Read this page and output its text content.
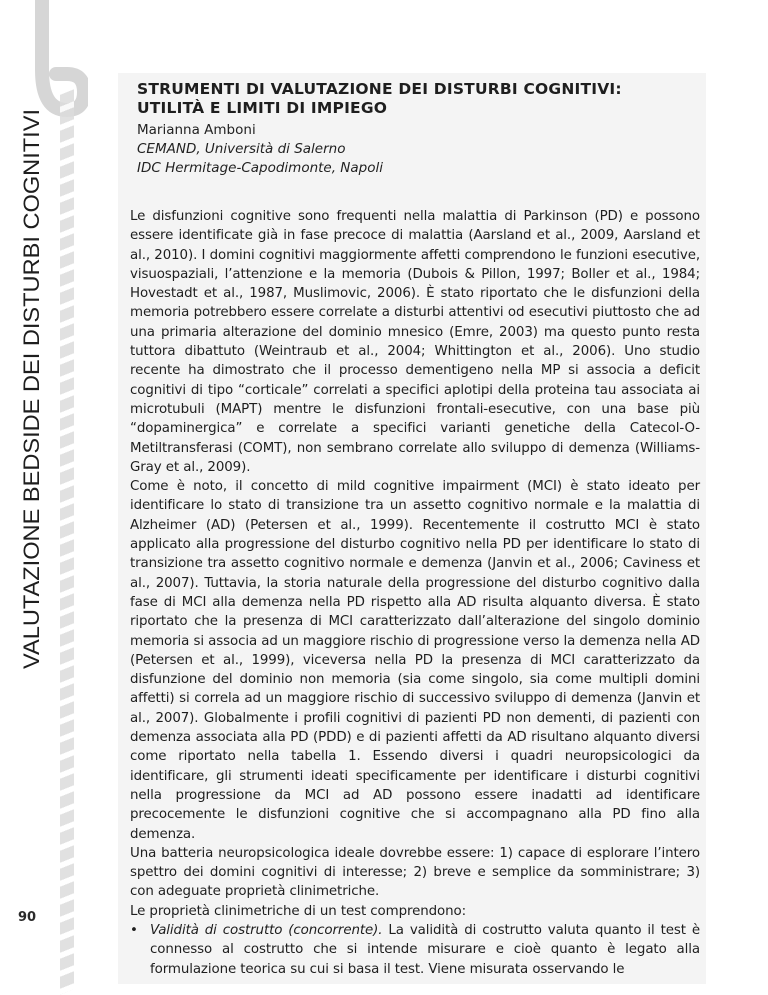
VALUTAZIONE BEDSIDE DEI DISTURBI COGNITIVI
90
STRUMENTI DI VALUTAZIONE DEI DISTURBI COGNITIVI:
UTILITÀ E LIMITI DI IMPIEGO
Marianna Amboni
CEMAND, Università di Salerno
IDC Hermitage-Capodimonte, Napoli

Le disfunzioni cognitive sono frequenti nella malattia di Parkinson (PD) e possono essere identificate già in fase precoce di malattia (Aarsland et al., 2009, Aarsland et al., 2010). I domini cognitivi maggiormente affetti comprendono le funzioni esecutive, visuospaziali, l’attenzione e la memoria (Dubois & Pillon, 1997; Boller et al., 1984; Hovestadt et al., 1987, Muslimovic, 2006). È stato riportato che le disfunzioni della memoria potrebbero essere correlate a disturbi attentivi od esecutivi piuttosto che ad una primaria alterazione del dominio mnesico (Emre, 2003) ma questo punto resta tuttora dibattuto (Weintraub et al., 2004; Whittington et al., 2006). Uno studio recente ha dimostrato che il processo dementigeno nella MP si associa a deficit cognitivi di tipo “corticale” correlati a specifici aplotipi della proteina tau associata ai microtubuli (MAPT) mentre le disfunzioni frontali-esecutive, con una base più “dopaminergica” e correlate a specifici varianti genetiche della Catecol-O-Metiltransferasi (COMT), non sembrano correlate allo sviluppo di demenza (Williams-Gray et al., 2009).

Come è noto, il concetto di mild cognitive impairment (MCI) è stato ideato per identificare lo stato di transizione tra un assetto cognitivo normale e la malattia di Alzheimer (AD) (Petersen et al., 1999). Recentemente il costrutto MCI è stato applicato alla progressione del disturbo cognitivo nella PD per identificare lo stato di transizione tra assetto cognitivo normale e demenza (Janvin et al., 2006; Caviness et al., 2007). Tuttavia, la storia naturale della progressione del disturbo cognitivo dalla fase di MCI alla demenza nella PD rispetto alla AD risulta alquanto diversa. È stato riportato che la presenza di MCI caratterizzato dall’alterazione del singolo dominio memoria si associa ad un maggiore rischio di progressione verso la demenza nella AD (Petersen et al., 1999), viceversa nella PD la presenza di MCI caratterizzato da disfunzione del dominio non memoria (sia come singolo, sia come multipli domini affetti) si correla ad un maggiore rischio di successivo sviluppo di demenza (Janvin et al., 2007). Globalmente i profili cognitivi di pazienti PD non dementi, di pazienti con demenza associata alla PD (PDD) e di pazienti affetti da AD risultano alquanto diversi come riportato nella tabella 1. Essendo diversi i quadri neuropsicologici da identificare, gli strumenti ideati specificamente per identificare i disturbi cognitivi nella progressione da MCI ad AD possono essere inadatti ad identificare precocemente le disfunzioni cognitive che si accompagnano alla PD fino alla demenza.

Una batteria neuropsicologica ideale dovrebbe essere: 1) capace di esplorare l’intero spettro dei domini cognitivi di interesse; 2) breve e semplice da somministrare; 3) con adeguate proprietà clinimetriche.

Le proprietà clinimetriche di un test comprendono:

• Validità di costrutto (concorrente). La validità di costrutto valuta quanto il test è connesso al costrutto che si intende misurare e cioè quanto è legato alla formulazione teorica su cui si basa il test. Viene misurata osservando le
